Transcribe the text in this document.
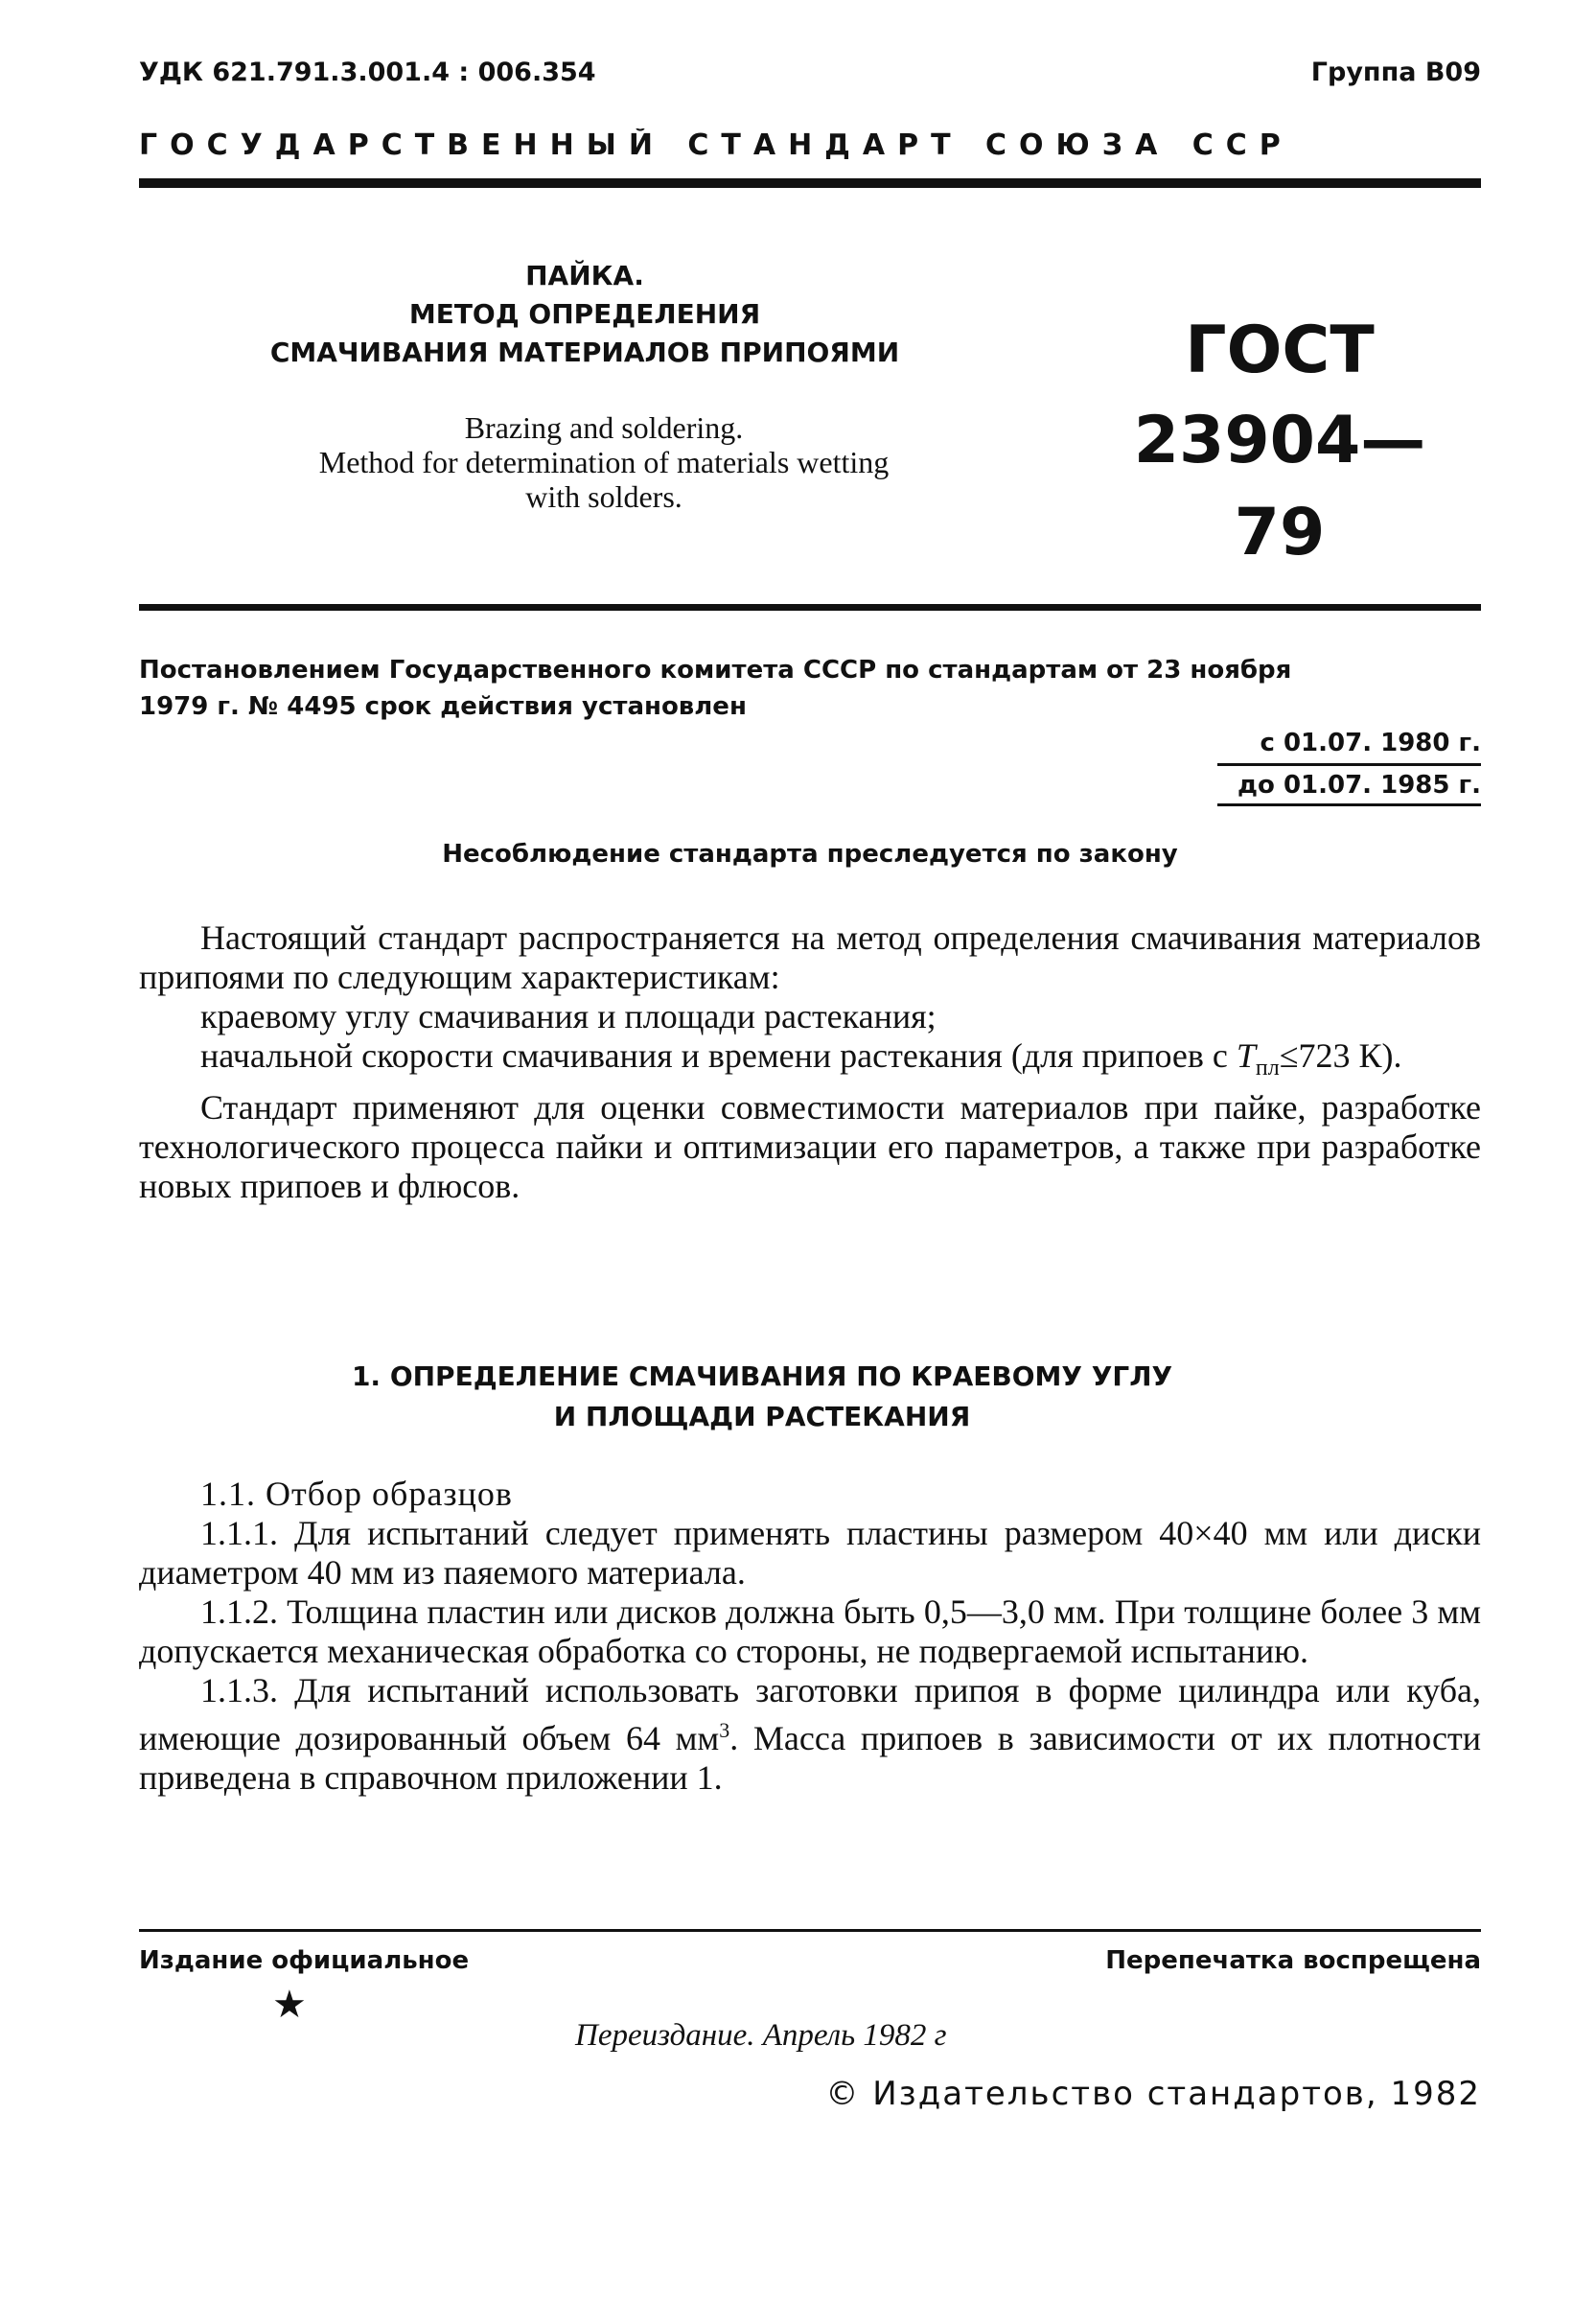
УДК 621.791.3.001.4 : 006.354	Группа В09
ГОСУДАРСТВЕННЫЙ СТАНДАРТ СОЮЗА ССР
ПАЙКА.
МЕТОД ОПРЕДЕЛЕНИЯ
СМАЧИВАНИЯ МАТЕРИАЛОВ ПРИПОЯМИ
Brazing and soldering.
Method for determination of materials wetting
with solders.
ГОСТ
23904—79
Постановлением Государственного комитета СССР по стандартам от 23 ноября
1979 г. № 4495 срок действия установлен
с 01.07. 1980 г.
до 01.07. 1985 г.
Несоблюдение стандарта преследуется по закону

Настоящий стандарт распространяется на метод определения смачивания материалов припоями по следующим характеристикам:

краевому углу смачивания и площади растекания;

начальной скорости смачивания и времени растекания (для припоев с $T_{пл}\le 723$ К).

Стандарт применяют для оценки совместимости материалов при пайке, разработке технологического процесса пайки и оптимизации его параметров, а также при разработке новых припоев и флюсов.

1. ОПРЕДЕЛЕНИЕ СМАЧИВАНИЯ ПО КРАЕВОМУ УГЛУ
И ПЛОЩАДИ РАСТЕКАНИЯ

1.1. Отбор образцов

1.1.1. Для испытаний следует применять пластины размером 40×40 мм или диски диаметром 40 мм из паяемого материала.

1.1.2. Толщина пластин или дисков должна быть 0,5—3,0 мм. При толщине более 3 мм допускается механическая обработка со стороны, не подвергаемой испытанию.

1.1.3. Для испытаний использовать заготовки припоя в форме цилиндра или куба, имеющие дозированный объем 64 $мм^3$. Масса припоев в зависимости от их плотности приведена в справочном приложении 1.

Издание официальное	Перепечатка воспрещена
★
Переиздание. Апрель 1982 г
© Издательство стандартов, 1982
